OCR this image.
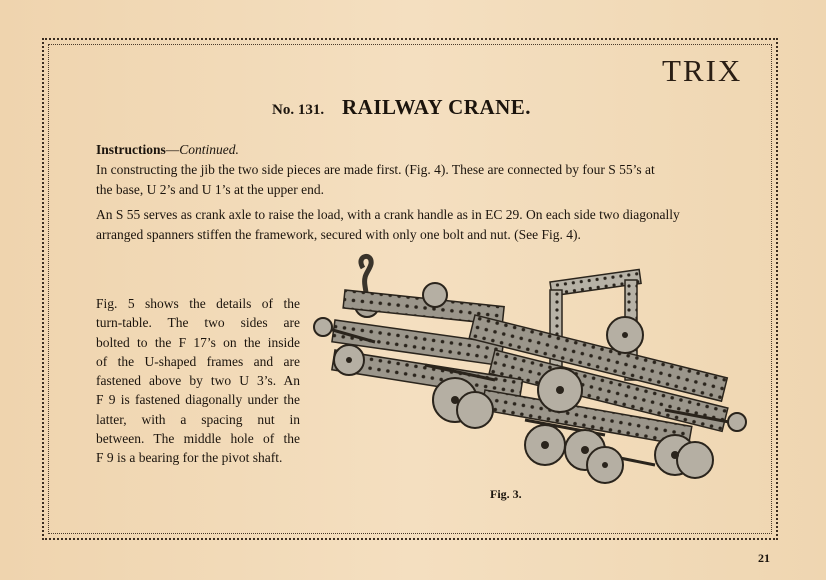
TRIX
No. 131. RAILWAY CRANE.
Instructions—Continued.
In constructing the jib the two side pieces are made first. (Fig. 4). These are connected by four S 55’s at
the base, U 2’s and U 1’s at the upper end.
An S 55 serves as crank axle to raise the load, with a crank handle as in EC 29. On each side two diagonally
arranged spanners stiffen the framework, secured with only one bolt and nut. (See Fig. 4).
Fig. 5 shows the details of the
turn-table. The two sides are
bolted to the F 17’s on the inside
of the U-shaped frames and are
fastened above by two U 3’s. An
F 9 is fastened diagonally under the
latter, with a spacing nut in
between. The middle hole of the
F 9 is a bearing for the pivot shaft.
Fig. 3.
21
